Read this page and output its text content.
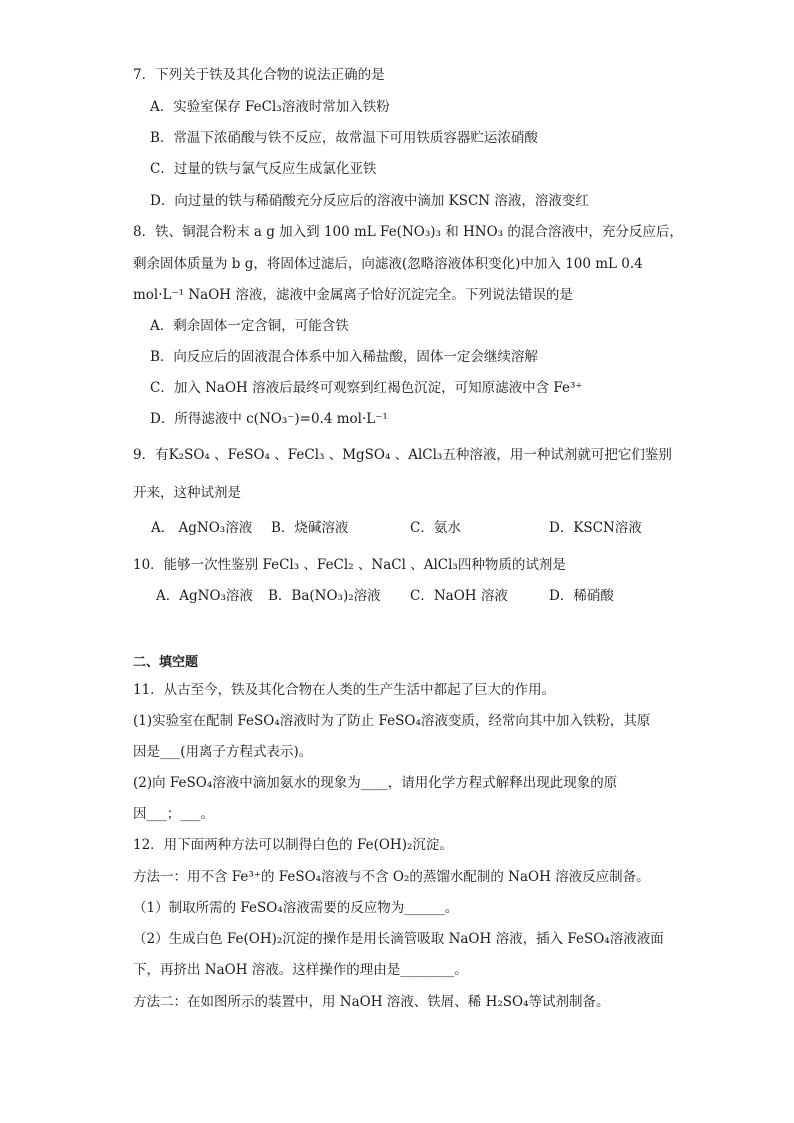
7．下列关于铁及其化合物的说法正确的是
A．实验室保存 FeCl₃溶液时常加入铁粉
B．常温下浓硝酸与铁不反应，故常温下可用铁质容器贮运浓硝酸
C．过量的铁与氯气反应生成氯化亚铁
D．向过量的铁与稀硝酸充分反应后的溶液中滴加 KSCN 溶液，溶液变红
8．铁、铜混合粉末 a g 加入到 100 mL Fe(NO₃)₃ 和 HNO₃ 的混合溶液中，充分反应后，
剩余固体质量为 b g，将固体过滤后，向滤液(忽略溶液体积变化)中加入 100 mL 0.4
mol·L⁻¹ NaOH 溶液，滤液中金属离子恰好沉淀完全。下列说法错误的是
A．剩余固体一定含铜，可能含铁
B．向反应后的固液混合体系中加入稀盐酸，固体一定会继续溶解
C．加入 NaOH 溶液后最终可观察到红褐色沉淀，可知原滤液中含 Fe³⁺
D．所得滤液中 c(NO₃⁻)=0.4 mol·L⁻¹
9．有K₂SO₄ 、FeSO₄ 、FeCl₃ 、MgSO₄ 、AlCl₃五种溶液，用一种试剂就可把它们鉴别
开来，这种试剂是
A． AgNO₃溶液 B．烧碱溶液	C．氨水	D．KSCN溶液
10．能够一次性鉴别 FeCl₃ 、FeCl₂ 、NaCl 、AlCl₃四种物质的试剂是
A．AgNO₃溶液 B．Ba(NO₃)₂溶液 C．NaOH 溶液	D．稀硝酸
二、填空题
11．从古至今，铁及其化合物在人类的生产生活中都起了巨大的作用。
(1)实验室在配制 FeSO₄溶液时为了防止 FeSO₄溶液变质，经常向其中加入铁粉，其原
因是___(用离子方程式表示)。
(2)向 FeSO₄溶液中滴加氨水的现象为____，请用化学方程式解释出现此现象的原
因___；___。
12．用下面两种方法可以制得白色的 Fe(OH)₂沉淀。
方法一：用不含 Fe³⁺的 FeSO₄溶液与不含 O₂的蒸馏水配制的 NaOH 溶液反应制备。
（1）制取所需的 FeSO₄溶液需要的反应物为______。
（2）生成白色 Fe(OH)₂沉淀的操作是用长滴管吸取 NaOH 溶液，插入 FeSO₄溶液液面
下，再挤出 NaOH 溶液。这样操作的理由是________。
方法二：在如图所示的装置中，用 NaOH 溶液、铁屑、稀 H₂SO₄等试剂制备。
